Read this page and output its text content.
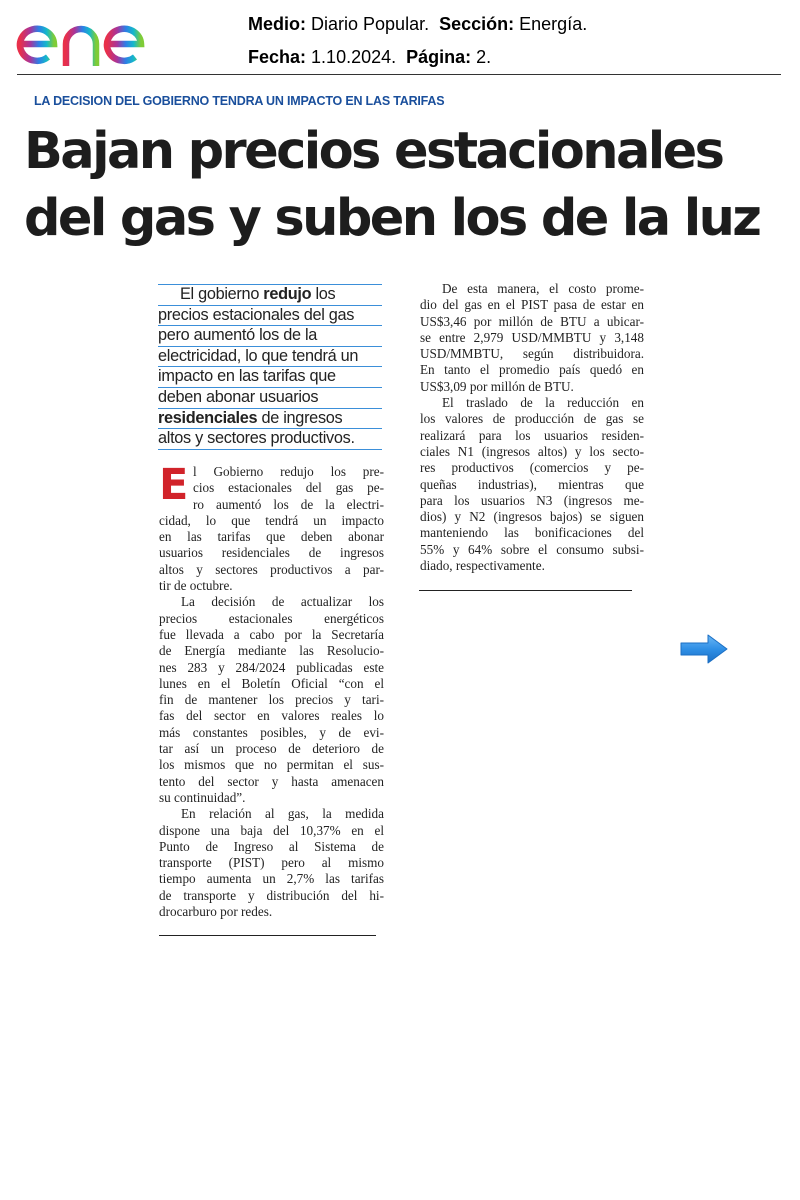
Medio: Diario Popular. Sección: Energía.
Fecha: 1.10.2024. Página: 2.
LA DECISION DEL GOBIERNO TENDRA UN IMPACTO EN LAS TARIFAS
Bajan precios estacionales
del gas y suben los de la luz
El gobierno redujo los
precios estacionales del gas
pero aumentó los de la
electricidad, lo que tendrá un
impacto en las tarifas que
deben abonar usuarios
residenciales de ingresos
altos y sectores productivos.
E l Gobierno redujo los pre-
cios estacionales del gas pe-
ro aumentó los de la electri-
cidad, lo que tendrá un impacto
en las tarifas que deben abonar
usuarios residenciales de ingresos
altos y sectores productivos a par-
tir de octubre.
La decisión de actualizar los
precios estacionales energéticos
fue llevada a cabo por la Secretaría
de Energía mediante las Resolucio-
nes 283 y 284/2024 publicadas este
lunes en el Boletín Oficial “con el
fin de mantener los precios y tari-
fas del sector en valores reales lo
más constantes posibles, y de evi-
tar así un proceso de deterioro de
los mismos que no permitan el sus-
tento del sector y hasta amenacen
su continuidad”.
En relación al gas, la medida
dispone una baja del 10,37% en el
Punto de Ingreso al Sistema de
transporte (PIST) pero al mismo
tiempo aumenta un 2,7% las tarifas
de transporte y distribución del hi-
drocarburo por redes.
De esta manera, el costo prome-
dio del gas en el PIST pasa de estar en
US$3,46 por millón de BTU a ubicar-
se entre 2,979 USD/MMBTU y 3,148
USD/MMBTU, según distribuidora.
En tanto el promedio país quedó en
US$3,09 por millón de BTU.
El traslado de la reducción en
los valores de producción de gas se
realizará para los usuarios residen-
ciales N1 (ingresos altos) y los secto-
res productivos (comercios y pe-
queñas industrias), mientras que
para los usuarios N3 (ingresos me-
dios) y N2 (ingresos bajos) se siguen
manteniendo las bonificaciones del
55% y 64% sobre el consumo subsi-
diado, respectivamente.
